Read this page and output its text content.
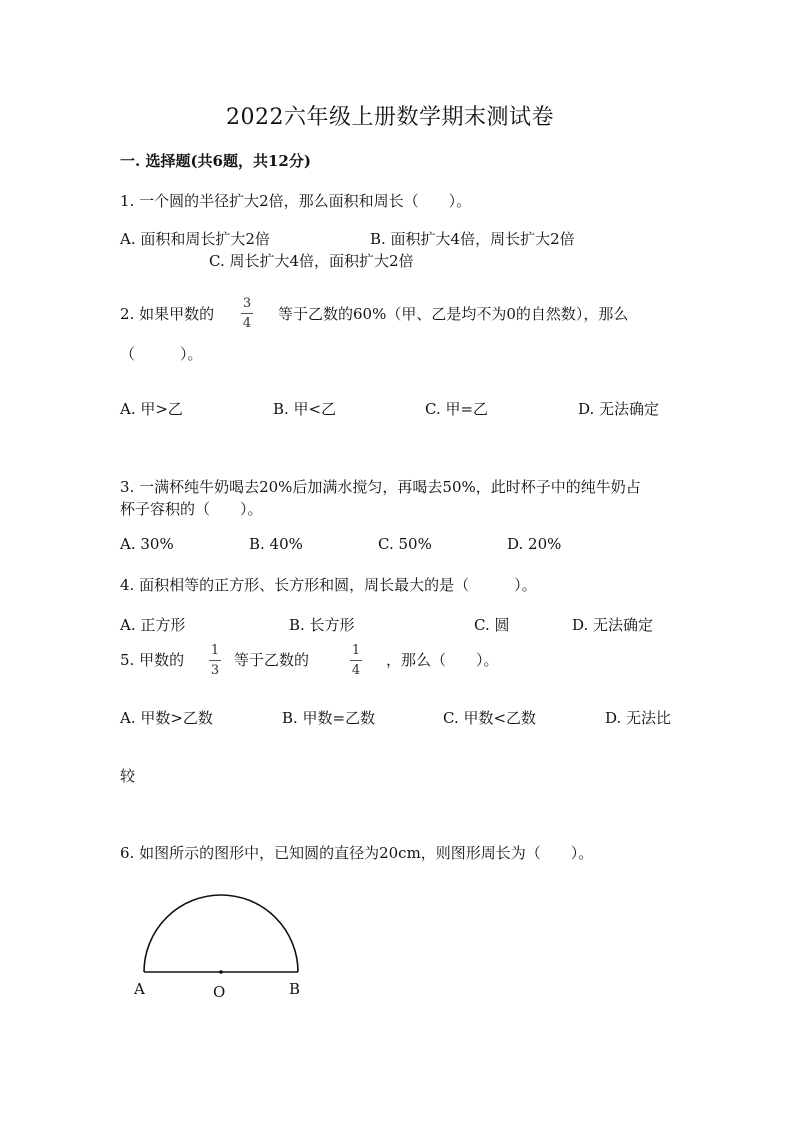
2022六年级上册数学期末测试卷
一. 选择题(共6题，共12分)
1. 一个圆的半径扩大2倍，那么面积和周长（　　）。
A. 面积和周长扩大2倍	B. 面积扩大4倍，周长扩大2倍
C. 周长扩大4倍，面积扩大2倍
2. 如果甲数的
3
4
等于乙数的60%（甲、乙是均不为0的自然数），那么
（　　　）。
A. 甲>乙	B. 甲<乙	C. 甲=乙	D. 无法确定
3. 一满杯纯牛奶喝去20%后加满水搅匀，再喝去50%，此时杯子中的纯牛奶占
杯子容积的（　　）。
A. 30%	B. 40%	C. 50%	D. 20%
4. 面积相等的正方形、长方形和圆，周长最大的是（　　　）。
A. 正方形	B. 长方形	C. 圆	D. 无法确定
5. 甲数的
1
3
等于乙数的
1
4
，那么（　　）。
A. 甲数>乙数	B. 甲数=乙数	C. 甲数<乙数	D. 无法比
较
6. 如图所示的图形中，已知圆的直径为20cm，则图形周长为（　　）。
A	O	B
